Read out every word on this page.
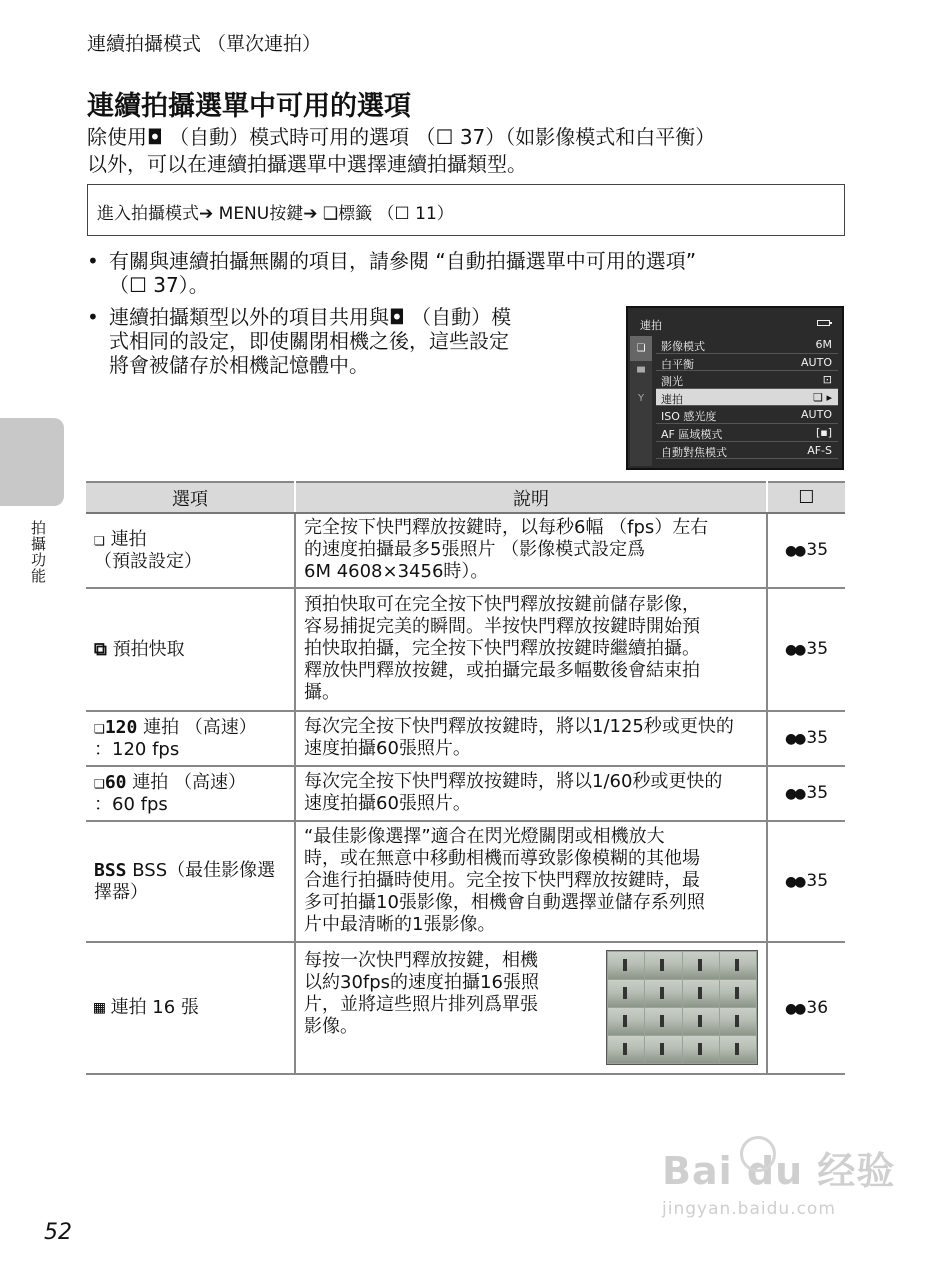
連續拍攝模式 （單次連拍）
連續拍攝選單中可用的選項
除使用◘ （自動）模式時可用的選項 （☐ 37）（如影像模式和白平衡）
以外，可以在連續拍攝選單中選擇連續拍攝類型。
進入拍攝模式➔ MENU按鍵➔ ❏標籤 （☐ 11）
• 有關與連續拍攝無關的項目，請參閱 “自動拍攝選單中可用的選項”
（☐ 37）。
• 連續拍攝類型以外的項目共用與◘ （自動）模
式相同的設定，即使關閉相機之後，這些設定
將會被儲存於相機記憶體中。
連拍
❏
▀
Y
影像模式	6M
白平衡	AUTO
測光	⊡
連拍	❏ ▸
ISO 感光度	AUTO
AF 區域模式	[▪]
自動對焦模式	AF-S
拍攝功能
選項	說明	☐

❏ 連拍
（預設設定）	完全按下快門釋放按鍵時，以每秒6幅 （fps）左右
的速度拍攝最多5張照片 （影像模式設定爲
6M 4608×3456時）。	●● 35

⧉ 預拍快取	預拍快取可在完全按下快門釋放按鍵前儲存影像，
容易捕捉完美的瞬間。半按快門釋放按鍵時開始預
拍快取拍攝，完全按下快門釋放按鍵時繼續拍攝。
釋放快門釋放按鍵，或拍攝完最多幅數後會結束拍
攝。	●● 35

❏120 連拍 （高速）
：120 fps	每次完全按下快門釋放按鍵時，將以1/125秒或更快的
速度拍攝60張照片。	●● 35

❏60 連拍 （高速）
：60 fps	每次完全按下快門釋放按鍵時，將以1/60秒或更快的
速度拍攝60張照片。	●● 35

BSS BSS（最佳影像選
擇器）	“最佳影像選擇”適合在閃光燈關閉或相機放大
時，或在無意中移動相機而導致影像模糊的其他場
合進行拍攝時使用。完全按下快門釋放按鍵時，最
多可拍攝10張影像，相機會自動選擇並儲存系列照
片中最清晰的1張影像。	●● 35

▦ 連拍 16 張	每按一次快門釋放按鍵，相機
以約30fps的速度拍攝16張照
片，並將這些照片排列爲單張
影像。	●● 36
52
Bai du 经验
jingyan.baidu.com
